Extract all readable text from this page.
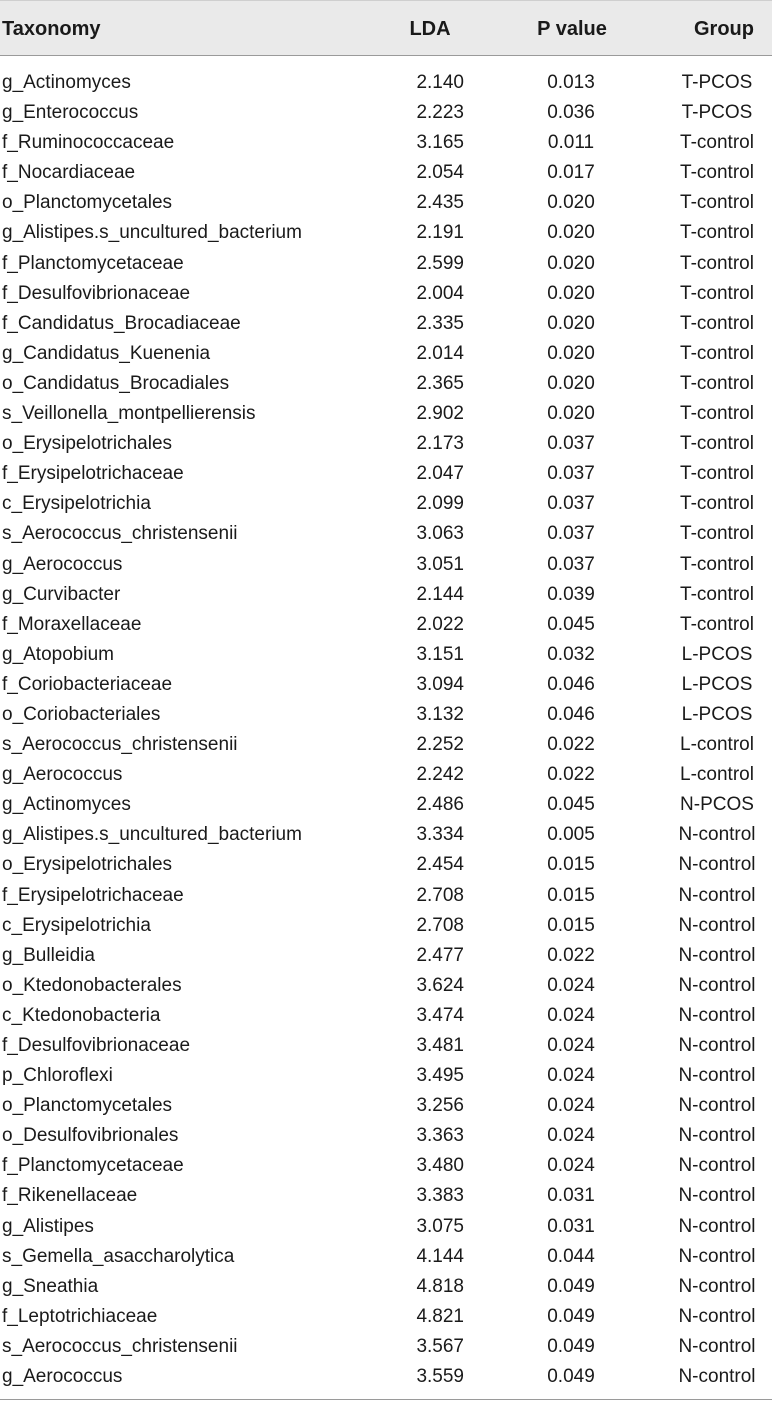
Taxonomy	LDA	P value	Group
g_Actinomyces	2.140	0.013	T-PCOS
g_Enterococcus	2.223	0.036	T-PCOS
f_Ruminococcaceae	3.165	0.011	T-control
f_Nocardiaceae	2.054	0.017	T-control
o_Planctomycetales	2.435	0.020	T-control
g_Alistipes.s_uncultured_bacterium	2.191	0.020	T-control
f_Planctomycetaceae	2.599	0.020	T-control
f_Desulfovibrionaceae	2.004	0.020	T-control
f_Candidatus_Brocadiaceae	2.335	0.020	T-control
g_Candidatus_Kuenenia	2.014	0.020	T-control
o_Candidatus_Brocadiales	2.365	0.020	T-control
s_Veillonella_montpellierensis	2.902	0.020	T-control
o_Erysipelotrichales	2.173	0.037	T-control
f_Erysipelotrichaceae	2.047	0.037	T-control
c_Erysipelotrichia	2.099	0.037	T-control
s_Aerococcus_christensenii	3.063	0.037	T-control
g_Aerococcus	3.051	0.037	T-control
g_Curvibacter	2.144	0.039	T-control
f_Moraxellaceae	2.022	0.045	T-control
g_Atopobium	3.151	0.032	L-PCOS
f_Coriobacteriaceae	3.094	0.046	L-PCOS
o_Coriobacteriales	3.132	0.046	L-PCOS
s_Aerococcus_christensenii	2.252	0.022	L-control
g_Aerococcus	2.242	0.022	L-control
g_Actinomyces	2.486	0.045	N-PCOS
g_Alistipes.s_uncultured_bacterium	3.334	0.005	N-control
o_Erysipelotrichales	2.454	0.015	N-control
f_Erysipelotrichaceae	2.708	0.015	N-control
c_Erysipelotrichia	2.708	0.015	N-control
g_Bulleidia	2.477	0.022	N-control
o_Ktedonobacterales	3.624	0.024	N-control
c_Ktedonobacteria	3.474	0.024	N-control
f_Desulfovibrionaceae	3.481	0.024	N-control
p_Chloroflexi	3.495	0.024	N-control
o_Planctomycetales	3.256	0.024	N-control
o_Desulfovibrionales	3.363	0.024	N-control
f_Planctomycetaceae	3.480	0.024	N-control
f_Rikenellaceae	3.383	0.031	N-control
g_Alistipes	3.075	0.031	N-control
s_Gemella_asaccharolytica	4.144	0.044	N-control
g_Sneathia	4.818	0.049	N-control
f_Leptotrichiaceae	4.821	0.049	N-control
s_Aerococcus_christensenii	3.567	0.049	N-control
g_Aerococcus	3.559	0.049	N-control
